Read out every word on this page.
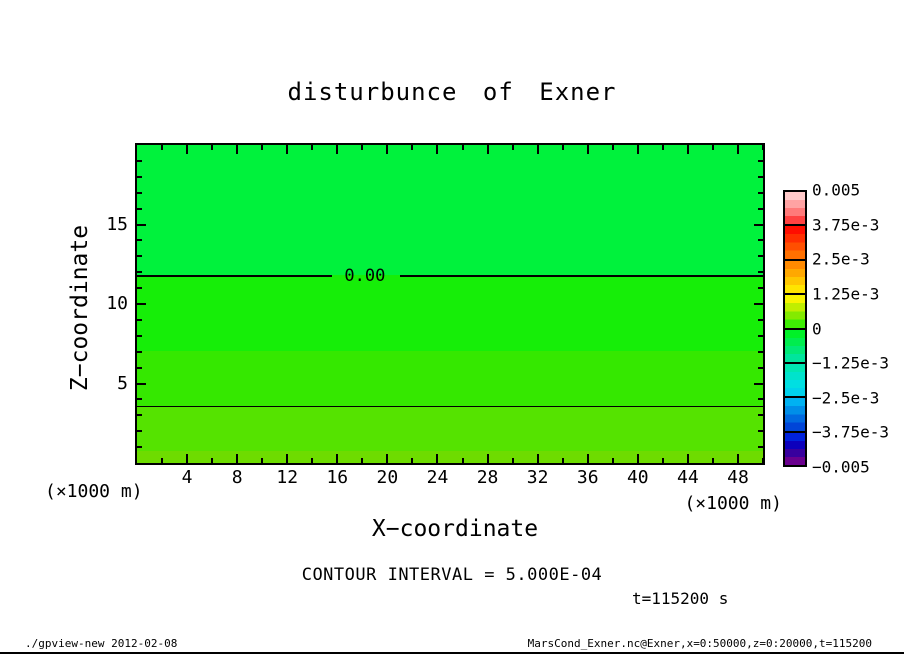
disturbunce of Exner
Z−coordinate	0.00
(×1000 m)
(×1000 m)
X−coordinate
CONTOUR INTERVAL = 5.000E-04
t=115200 s
./gpview-new 2012-02-08	MarsCond_Exner.nc@Exner,x=0:50000,z=0:20000,t=115200
4 8 12 16 20 24 28 32 36 40 44 48
5
10
15
0.005
3.75e-3
2.5e-3
1.25e-3
0
−1.25e-3
−2.5e-3
−3.75e-3
−0.005
